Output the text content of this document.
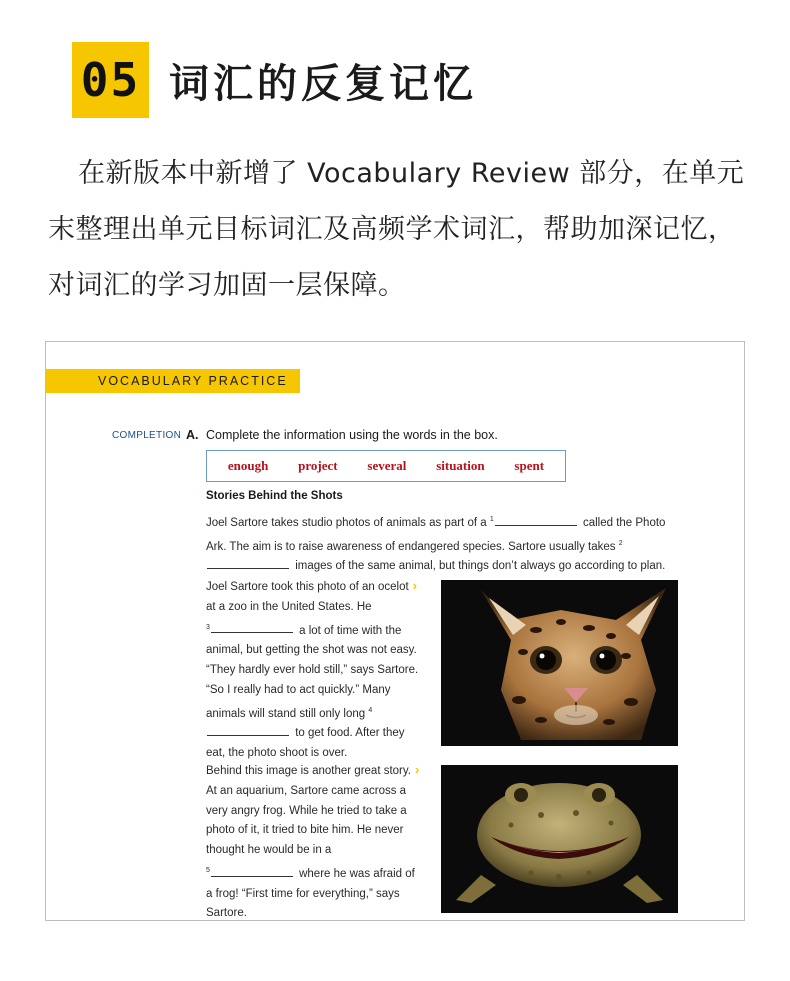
05 词汇的反复记忆
在新版本中新增了 Vocabulary Review 部分，在单元末整理出单元目标词汇及高频学术词汇，帮助加深记忆，对词汇的学习加固一层保障。
VOCABULARY PRACTICE
COMPLETION A. Complete the information using the words in the box.
enough project several situation spent
Stories Behind the Shots
Joel Sartore takes studio photos of animals as part of a $^1$	called the Photo Ark. The aim is to raise awareness of endangered species. Sartore usually takes $^2$ images of the same animal, but things don’t always go according to plan.
Joel Sartore took this photo of an ocelot ›
at a zoo in the United States. He
$^3$	a lot of time with the animal, but getting the shot was not easy. “They hardly ever hold still,” says Sartore. “So I really had to act quickly.” Many animals will stand still only long $^4$ to get food. After they eat, the photo shoot is over.
Behind this image is another great story. ›
At an aquarium, Sartore came across a very angry frog. While he tried to take a photo of it, it tried to bite him. He never thought he would be in a
$^5$	where he was afraid of a frog! “First time for everything,” says Sartore.
